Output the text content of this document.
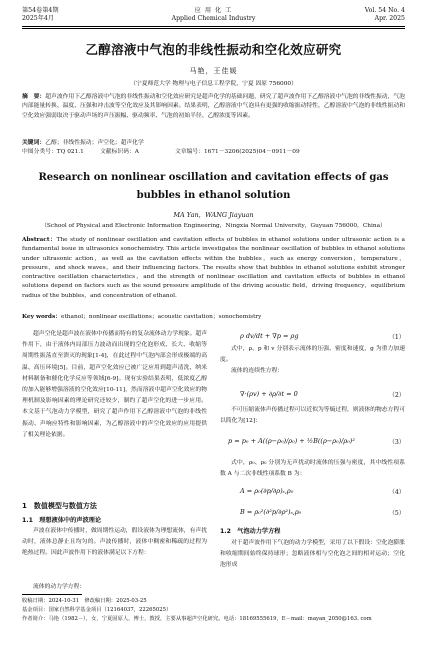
第54卷第4期
2025年4月
应 用 化 工
Applied Chemical Industry
Vol. 54 No. 4
Apr. 2025
乙醇溶液中气泡的非线性振动和空化效应研究
马艳，王佳媛
（宁夏师范大学 物理与电子信息工程学院，宁夏 固原 756000）
摘　要：超声波作用下乙醇溶液中气泡的非线性振动和空化效应研究是超声化学的基础问题，研究了超声波作用下乙醇溶液中气泡的非线性振动，气泡内部能量转换、温度、压强和冲击波等空化效应及其影响因素。结果表明，乙醇溶液中气泡具有更强的收缩振动特性，乙醇溶液中气泡的非线性振动和空化效应强弱取决于驱动声场的声压振幅、驱动频率、气泡的初始半径、乙醇浓度等因素。
关键词：乙醇；非线性振动；声空化；超声化学
中图分类号：TQ 021.1	文献标识码：A	文章编号：1671－3206(2025)04－0911－09
Research on nonlinear oscillation and cavitation effects of gas
bubbles in ethanol solution
MA Yan，WANG Jiayuan
（School of Physical and Electronic Information Engineering，Ningxia Normal University，Guyuan 756000，China）
Abstract：The study of nonlinear oscillation and cavitation effects of bubbles in ethanol solutions under ultrasonic action is a fundamental issue in ultrasonics sonochemistry. This article investigates the nonlinear oscillation of bubbles in ethanol solutions under ultrasonic action，as well as the cavitation effects within the bubbles，such as energy conversion，temperature，pressure，and shock waves，and their influencing factors. The results show that bubbles in ethanol solutions exhibit stronger contractive oscillation characteristics，and the strength of nonlinear oscillation and cavitation effects of bubbles in ethanol solutions depend on factors such as the sound pressure amplitude of the driving acoustic field，driving frequency，equilibrium radius of the bubbles，and concentration of ethanol.
Key words：ethanol；nonlinear oscillations；acoustic cavitation；sonochemistry

超声空化是超声波在液体中传播而特有的复杂流体动力学现象。超声作用下，由于液体内局部压力波动而出现的空化泡形成、长大、收缩等周期性振荡直至溃灭的现象[1-4]，在此过程中气泡内部会形成极端的高温、高压环境[5]。目前，超声空化效应已被广泛应用到超声清洗、纳米材料制备和催化化学反应等领域[6-9]。现有实验结果表明，低浓度乙醇的加入能够增强溶液的空化效应[10-11]，然而溶液中超声空化效应的物理机制及影响因素的理论研究还较少，制约了超声空化的进一步应用。本文基于气泡动力学模型，研究了超声作用下乙醇溶液中气泡的非线性振动、声响应特性和影响因素，为乙醇溶液中的声空化效应的应用提供了相关理论依据。

1　数值模型与数值方法
1.1　理想液体中的声波理论

声波在液体中传播时，做周期性运动，假设液体为理想流体，有声扰动时，液体总静止且均匀的。声波传播时，液体中稠密和稀疏的过程为绝热过程。因此声波作用下的液体满足以下方程：

流体的动力学方程：

收稿日期：2024-10-31　修改稿日期：2025-03-25
基金项目：国家自然科学基金项目（12164037，22265025）
作者简介：马艳（1982－），女，宁夏固原人，博士，教授，主要从事超声空化研究。电话：18169555619，E－mail：mayan_2050@163. com
ρ dv/dt + ∇p = ρg	（1）

式中，ρ、p 和 v 分别表示流体的压强、密度和速度，g 为重力加速度。

流体的连续性方程：

∇·(ρv) + ∂ρ/∂t = 0	（2）

不可压缩流体声传播过程可以近似为等熵过程，则液体的物态方程可以简化为[12]：

p = p₀ + A((ρ−ρ₀)/ρ₀) + ½B((ρ−ρ₀)/ρ₀)²	（3）

式中，ρ₀、ρ₀ 分别为无声扰动时流体的压强与密度，其中线性项系数 A 与二次非线性项系数 B 为：

A = ρ₀(∂p/∂ρ)ₛ,ρ₀	（4）
B = ρ₀²(∂²p/∂ρ²)ₛ,ρ₀	（5）
1.2　气泡动力学方程

对于超声波作用下气泡的动力学模型，采用了以下假设：空化泡膨胀和收缩期间始终保持球形；忽略液体相与空化泡之间的相对运动；空化泡形成
